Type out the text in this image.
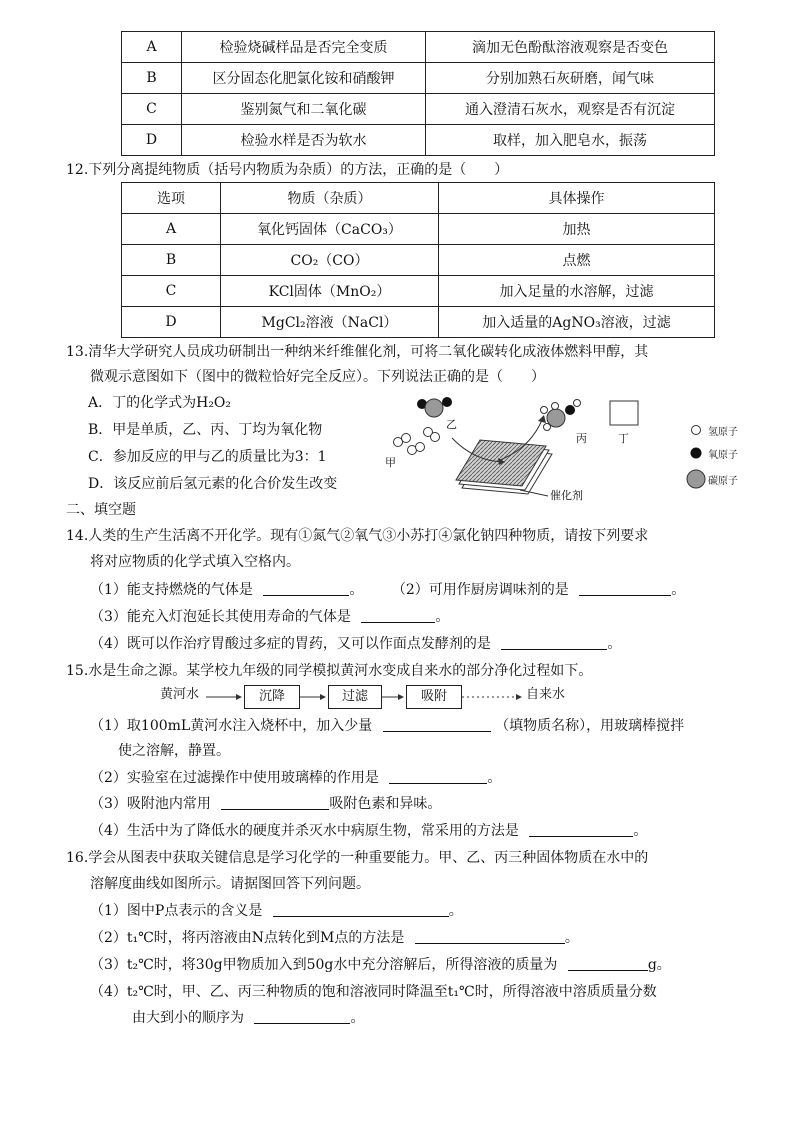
A	检验烧碱样品是否完全变质	滴加无色酚酞溶液观察是否变色
B	区分固态化肥氯化铵和硝酸钾	分别加熟石灰研磨，闻气味
C	鉴别氮气和二氧化碳	通入澄清石灰水，观察是否有沉淀
D	检验水样是否为软水	取样，加入肥皂水，振荡
12.下列分离提纯物质（括号内物质为杂质）的方法，正确的是（　　）
选项	物质（杂质）	具体操作
A	氧化钙固体（CaCO₃）	加热
B	CO₂（CO）	点燃
C	KCl固体（MnO₂）	加入足量的水溶解，过滤
D	MgCl₂溶液（NaCl）	加入适量的AgNO₃溶液，过滤
13.清华大学研究人员成功研制出一种纳米纤维催化剂，可将二氧化碳转化成液体燃料甲醇，其
微观示意图如下（图中的微粒恰好完全反应）。下列说法正确的是（　　）
A．丁的化学式为H₂O₂
B．甲是单质，乙、丙、丁均为氧化物
C．参加反应的甲与乙的质量比为3：1
D．该反应前后氢元素的化合价发生改变
甲
乙
丙	丁
催化剂
氢原子
氧原子
碳原子
二、填空题
14.人类的生产生活离不开化学。现有①氮气②氧气③小苏打④氯化钠四种物质，请按下列要求
将对应物质的化学式填入空格内。
（1）能支持燃烧的气体是	。 （2）可用作厨房调味剂的是	。
（3）能充入灯泡延长其使用寿命的气体是	。
（4）既可以作治疗胃酸过多症的胃药，又可以作面点发酵剂的是	。
15.水是生命之源。某学校九年级的同学模拟黄河水变成自来水的部分净化过程如下。
黄河水	沉降	过滤	吸附	自来水
（1）取100mL黄河水注入烧杯中，加入少量	（填物质名称），用玻璃棒搅拌
使之溶解，静置。
（2）实验室在过滤操作中使用玻璃棒的作用是	。
（3）吸附池内常用	吸附色素和异味。
（4）生活中为了降低水的硬度并杀灭水中病原生物，常采用的方法是	。
16.学会从图表中获取关键信息是学习化学的一种重要能力。甲、乙、丙三种固体物质在水中的
溶解度曲线如图所示。请据图回答下列问题。
（1）图中P点表示的含义是	。
（2）t₁℃时，将丙溶液由N点转化到M点的方法是	。
（3）t₂℃时，将30g甲物质加入到50g水中充分溶解后，所得溶液的质量为	g。
（4）t₂℃时，甲、乙、丙三种物质的饱和溶液同时降温至t₁℃时，所得溶液中溶质质量分数
由大到小的顺序为	。
